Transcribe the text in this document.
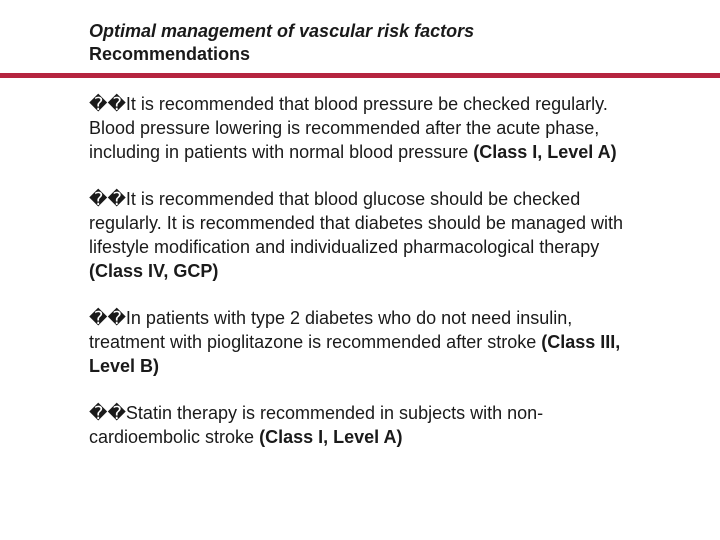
Optimal management of vascular risk factors
Recommendations

��It is recommended that blood pressure be checked regularly. Blood pressure lowering is recommended after the acute phase, including in patients with normal blood pressure (Class I, Level A)

��It is recommended that blood glucose should be checked regularly. It is recommended that diabetes should be managed with lifestyle modification and individualized pharmacological therapy (Class IV, GCP)

��In patients with type 2 diabetes who do not need insulin, treatment with pioglitazone is recommended after stroke (Class III, Level B)

��Statin therapy is recommended in subjects with non-cardioembolic stroke (Class I, Level A)
